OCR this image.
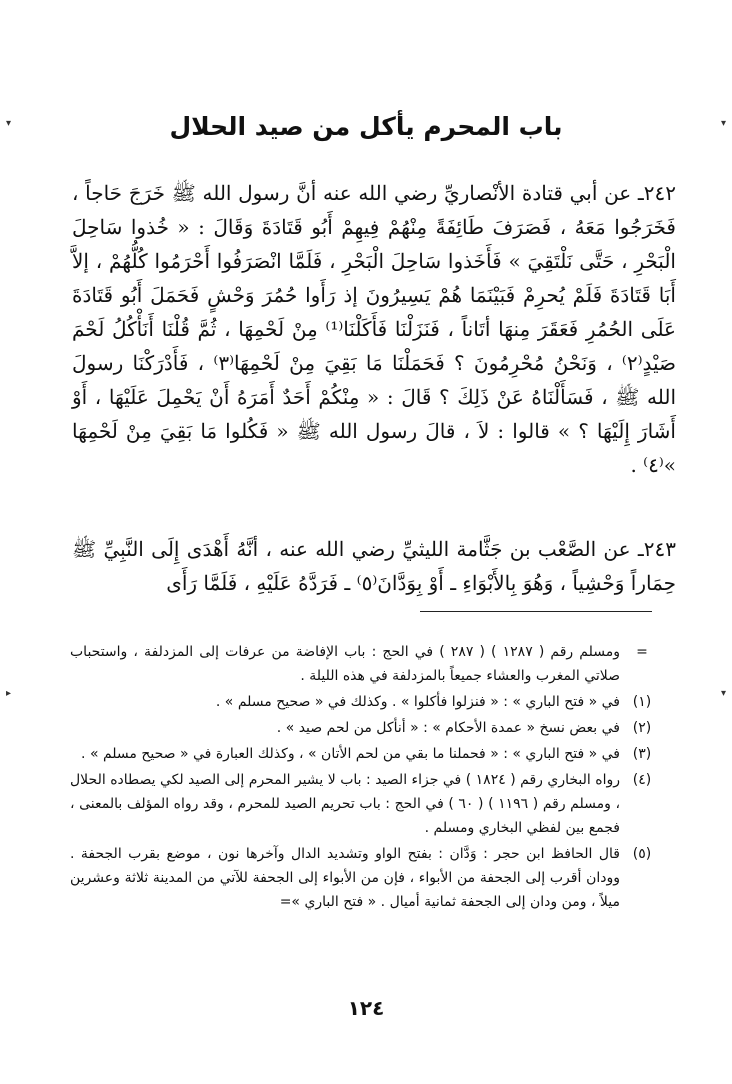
▾	▾
▸	▾
باب المحرم يأكل من صيد الحلال

٢٤٢ـ عن أبي قتادة الأنْصاريِّ رضي الله عنه أنَّ رسول الله ﷺ خَرَجَ حَاجاً ، فَخَرَجُوا مَعَهُ ، فَصَرَفَ طَائِفَةً مِنْهُمْ فِيهِمْ أَبُو قَتَادَةَ وَقَالَ : « خُذوا سَاحِلَ الْبَحْرِ ، حَتَّى نَلْتَقِيَ » فَأَخَذوا سَاحِلَ الْبَحْرِ ، فَلَمَّا انْصَرَفُوا أَحْرَمُوا كُلُّهُمْ ، إلاَّ أَبَا قَتَادَةَ فَلَمْ يُحرِمْ فَبَيْنَمَا هُمْ يَسِيرُونَ إذ رَأَوا حُمُرَ وَحْشٍ فَحَمَلَ أَبُو قَتَادَةَ عَلَى الحُمُرِ فَعَقَرَ مِنهَا أتَاناً ، فَنَزَلْنَا فَأَكَلْنَا⁽¹⁾ مِنْ لَحْمِهَا ، ثُمَّ قُلْنَا أَنَأْكُلُ لَحْمَ صَيْدٍ⁽٢⁾ ، وَنَحْنُ مُحْرِمُونَ ؟ فَحَمَلْنَا مَا بَقِيَ مِنْ لَحْمِهَا⁽٣⁾ ، فَأَدْرَكْنَا رسولَ الله ﷺ ، فَسَأَلْنَاهُ عَنْ ذَلِكَ ؟ قَالَ : « مِنْكُمْ أَحَدٌ أَمَرَهُ أَنْ يَحْمِلَ عَلَيْهَا ، أَوْ أَشَارَ إِلَيْهَا ؟ » قالوا : لاَ ، قالَ رسول الله ﷺ « فَكُلوا مَا بَقِيَ مِنْ لَحْمِهَا »⁽٤⁾ .

٢٤٣ـ عن الصَّعْب بن جَثَّامة الليثيِّ رضي الله عنه ، أنَّهُ أَهْدَى إِلَى النَّبِيِّ ﷺ حِمَاراً وَحْشِياً ، وَهُوَ بِالأَبْوَاءِ ـ أَوْ بِوَدَّانَ⁽٥⁾ ـ فَرَدَّهُ عَلَيْهِ ، فَلَمَّا رَأَى

=
ومسلم رقم ( ١٢٨٧ ) ( ٢٨٧ ) في الحج : باب الإفاضة من عرفات إلى المزدلفة ، واستحباب صلاتي المغرب والعشاء جميعاً بالمزدلفة في هذه الليلة .
(١)
في « فتح الباري » : « فنزلوا فأكلوا » . وكذلك في « صحيح مسلم » .
(٢)
في بعض نسخ « عمدة الأحكام » : « أنأكل من لحم صيد » .
(٣)
في « فتح الباري » : « فحملنا ما بقي من لحم الأتان » ، وكذلك العبارة في « صحيح مسلم » .
(٤)
رواه البخاري رقم ( ١٨٢٤ ) في جزاء الصيد : باب لا يشير المحرم إلى الصيد لكي يصطاده الحلال ، ومسلم رقم ( ١١٩٦ ) ( ٦٠ ) في الحج : باب تحريم الصيد للمحرم ، وقد رواه المؤلف بالمعنى ، فجمع بين لفظي البخاري ومسلم .
(٥)
قال الحافظ ابن حجر : وَدَّان : بفتح الواو وتشديد الدال وآخرها نون ، موضع بقرب الجحفة . وودان أقرب إلى الجحفة من الأبواء ، فإن من الأبواء إلى الجحفة للآتي من المدينة ثلاثة وعشرين ميلاً ، ومن ودان إلى الجحفة ثمانية أميال . « فتح الباري »=
١٢٤
